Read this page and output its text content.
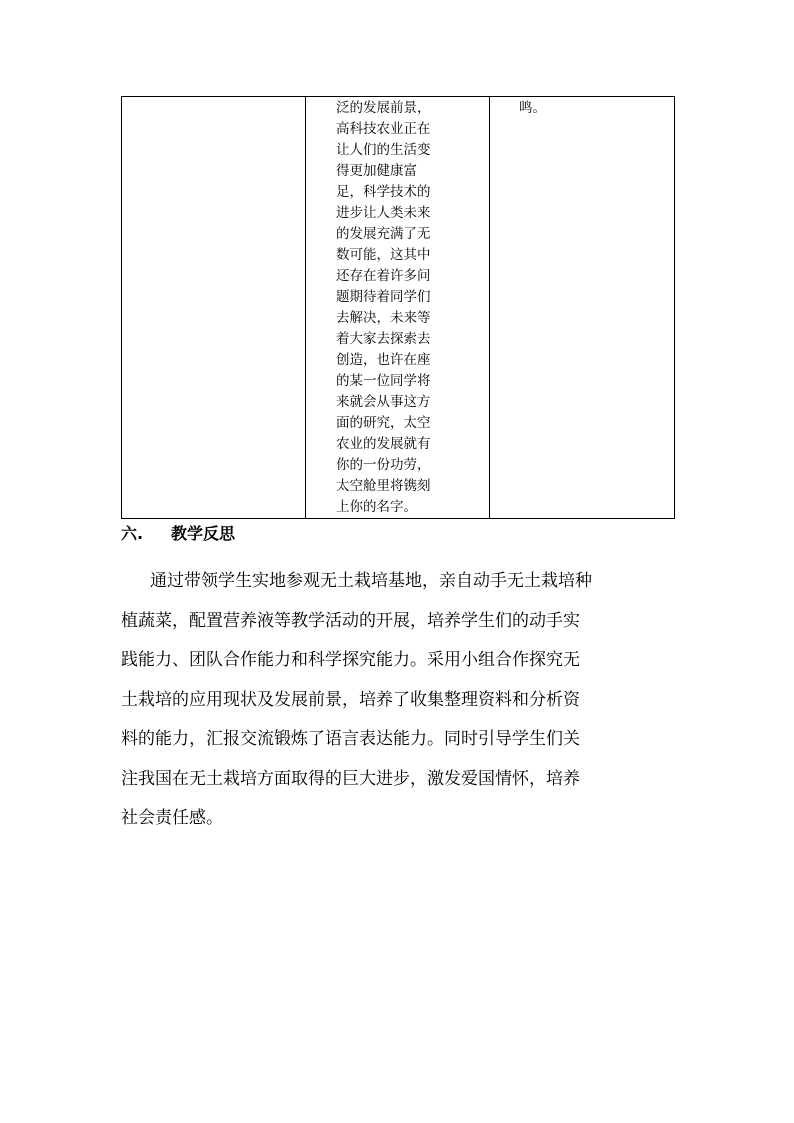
泛的发展前景，
高科技农业正在
让人们的生活变
得更加健康富
足，科学技术的
进步让人类未来
的发展充满了无
数可能，这其中
还存在着许多问
题期待着同学们
去解决，未来等
着大家去探索去
创造，也许在座
的某一位同学将
来就会从事这方
面的研究，太空
农业的发展就有
你的一份功劳，
太空舱里将镌刻
上你的名字。

鸣。
六. 教学反思
通过带领学生实地参观无土栽培基地，亲自动手无土栽培种
植蔬菜，配置营养液等教学活动的开展，培养学生们的动手实
践能力、团队合作能力和科学探究能力。采用小组合作探究无
土栽培的应用现状及发展前景，培养了收集整理资料和分析资
料的能力，汇报交流锻炼了语言表达能力。同时引导学生们关
注我国在无土栽培方面取得的巨大进步，激发爱国情怀，培养
社会责任感。
